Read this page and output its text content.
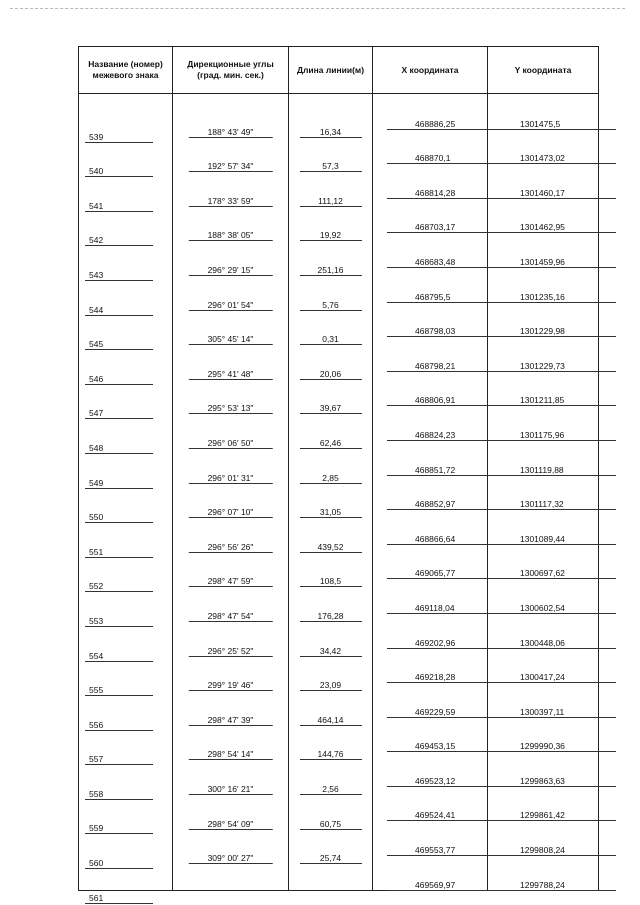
Название (номер) межевого знака	Дирекционные углы (град. мин. сек.)	Длина линии(м)	X координата	Y координата

539	188° 43' 49"	16,34	468886,25	1301475,5

540	192° 57' 34"	57,3	468870,1	1301473,02

541	178° 33' 59"	111,12	468814,28	1301460,17

542	188° 38' 05"	19,92	468703,17	1301462,95

543	296° 29' 15"	251,16	468683,48	1301459,96

544	296° 01' 54"	5,76	468795,5	1301235,16

545	305° 45' 14"	0,31	468798,03	1301229,98

546	295° 41' 48"	20,06	468798,21	1301229,73

547	295° 53' 13"	39,67	468806,91	1301211,85

548	296° 06' 50"	62,46	468824,23	1301175,96

549	296° 01' 31"	2,85	468851,72	1301119,88

550	296° 07' 10"	31,05	468852,97	1301117,32

551	296° 56' 26"	439,52	468866,64	1301089,44

552	298° 47' 59"	108,5	469065,77	1300697,62

553	298° 47' 54"	176,28	469118,04	1300602,54

554	296° 25' 52"	34,42	469202,96	1300448,06

555	299° 19' 46"	23,09	469218,28	1300417,24

556	298° 47' 39"	464,14	469229,59	1300397,11

557	298° 54' 14"	144,76	469453,15	1299990,36

558	300° 16' 21"	2,56	469523,12	1299863,63

559	298° 54' 09"	60,75	469524,41	1299861,42

560	309° 00' 27"	25,74	469553,77	1299808,24

561			469569,97	1299788,24
